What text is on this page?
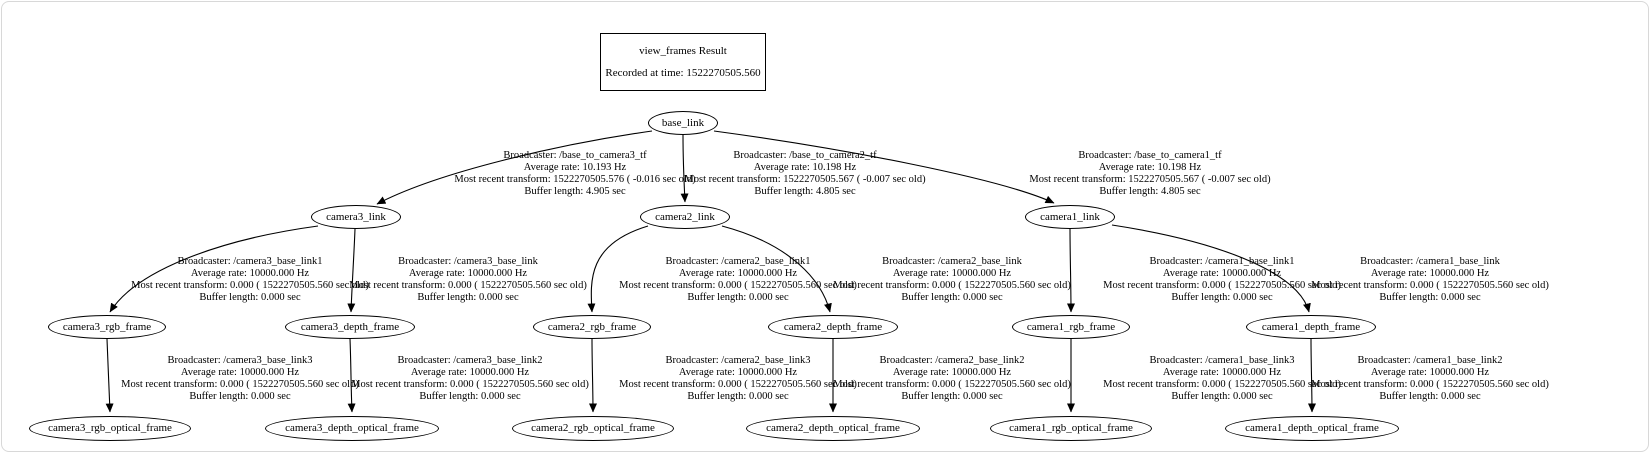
view_frames Result
Recorded at time: 1522270505.560
base_link
camera3_link	camera2_link	camera1_link
camera3_rgb_frame	camera3_depth_frame	camera2_rgb_frame	camera2_depth_frame	camera1_rgb_frame	camera1_depth_frame
camera3_rgb_optical_frame	camera3_depth_optical_frame	camera2_rgb_optical_frame	camera2_depth_optical_frame	camera1_rgb_optical_frame	camera1_depth_optical_frame
Broadcaster: /base_to_camera3_tf
Average rate: 10.193 Hz
Most recent transform: 1522270505.576 ( -0.016 sec old)
Buffer length: 4.905 sec
Broadcaster: /base_to_camera2_tf
Average rate: 10.198 Hz
Most recent transform: 1522270505.567 ( -0.007 sec old)
Buffer length: 4.805 sec
Broadcaster: /base_to_camera1_tf
Average rate: 10.198 Hz
Most recent transform: 1522270505.567 ( -0.007 sec old)
Buffer length: 4.805 sec
Broadcaster: /camera3_base_link1
Average rate: 10000.000 Hz
Most recent transform: 0.000 ( 1522270505.560 sec old)
Buffer length: 0.000 sec
Broadcaster: /camera3_base_link
Average rate: 10000.000 Hz
Most recent transform: 0.000 ( 1522270505.560 sec old)
Buffer length: 0.000 sec
Broadcaster: /camera2_base_link1
Average rate: 10000.000 Hz
Most recent transform: 0.000 ( 1522270505.560 sec old)
Buffer length: 0.000 sec
Broadcaster: /camera2_base_link
Average rate: 10000.000 Hz
Most recent transform: 0.000 ( 1522270505.560 sec old)
Buffer length: 0.000 sec
Broadcaster: /camera1_base_link1
Average rate: 10000.000 Hz
Most recent transform: 0.000 ( 1522270505.560 sec old)
Buffer length: 0.000 sec
Broadcaster: /camera1_base_link
Average rate: 10000.000 Hz
Most recent transform: 0.000 ( 1522270505.560 sec old)
Buffer length: 0.000 sec
Broadcaster: /camera3_base_link3
Average rate: 10000.000 Hz
Most recent transform: 0.000 ( 1522270505.560 sec old)
Buffer length: 0.000 sec
Broadcaster: /camera3_base_link2
Average rate: 10000.000 Hz
Most recent transform: 0.000 ( 1522270505.560 sec old)
Buffer length: 0.000 sec
Broadcaster: /camera2_base_link3
Average rate: 10000.000 Hz
Most recent transform: 0.000 ( 1522270505.560 sec old)
Buffer length: 0.000 sec
Broadcaster: /camera2_base_link2
Average rate: 10000.000 Hz
Most recent transform: 0.000 ( 1522270505.560 sec old)
Buffer length: 0.000 sec
Broadcaster: /camera1_base_link3
Average rate: 10000.000 Hz
Most recent transform: 0.000 ( 1522270505.560 sec old)
Buffer length: 0.000 sec
Broadcaster: /camera1_base_link2
Average rate: 10000.000 Hz
Most recent transform: 0.000 ( 1522270505.560 sec old)
Buffer length: 0.000 sec
